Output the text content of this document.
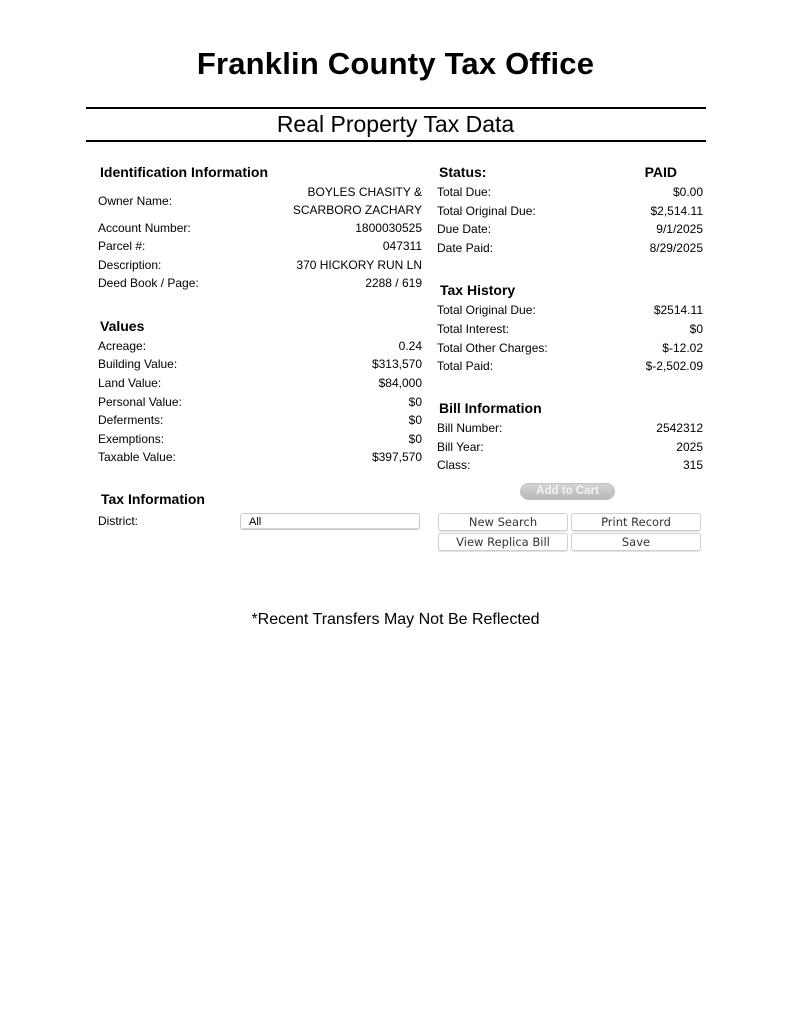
Franklin County Tax Office
Real Property Tax Data
Identification Information
Owner Name:
BOYLES CHASITY &
SCARBORO ZACHARY
Account Number:	1800030525
Parcel #:	047311
Description:	370 HICKORY RUN LN
Deed Book / Page:	2288 / 619
Values
Acreage:	0.24
Building Value:	$313,570
Land Value:	$84,000
Personal Value:	$0
Deferments:	$0
Exemptions:	$0
Taxable Value:	$397,570
Tax Information
District:	All
Status:	PAID
Total Due:	$0.00
Total Original Due:	$2,514.11
Due Date:	9/1/2025
Date Paid:	8/29/2025
Tax History
Total Original Due:	$2514.11
Total Interest:	$0
Total Other Charges:	$-12.02
Total Paid:	$-2,502.09
Bill Information
Bill Number:	2542312
Bill Year:	2025
Class:	315
Add to Cart
New Search	Print Record
View Replica Bill	Save
*Recent Transfers May Not Be Reflected
